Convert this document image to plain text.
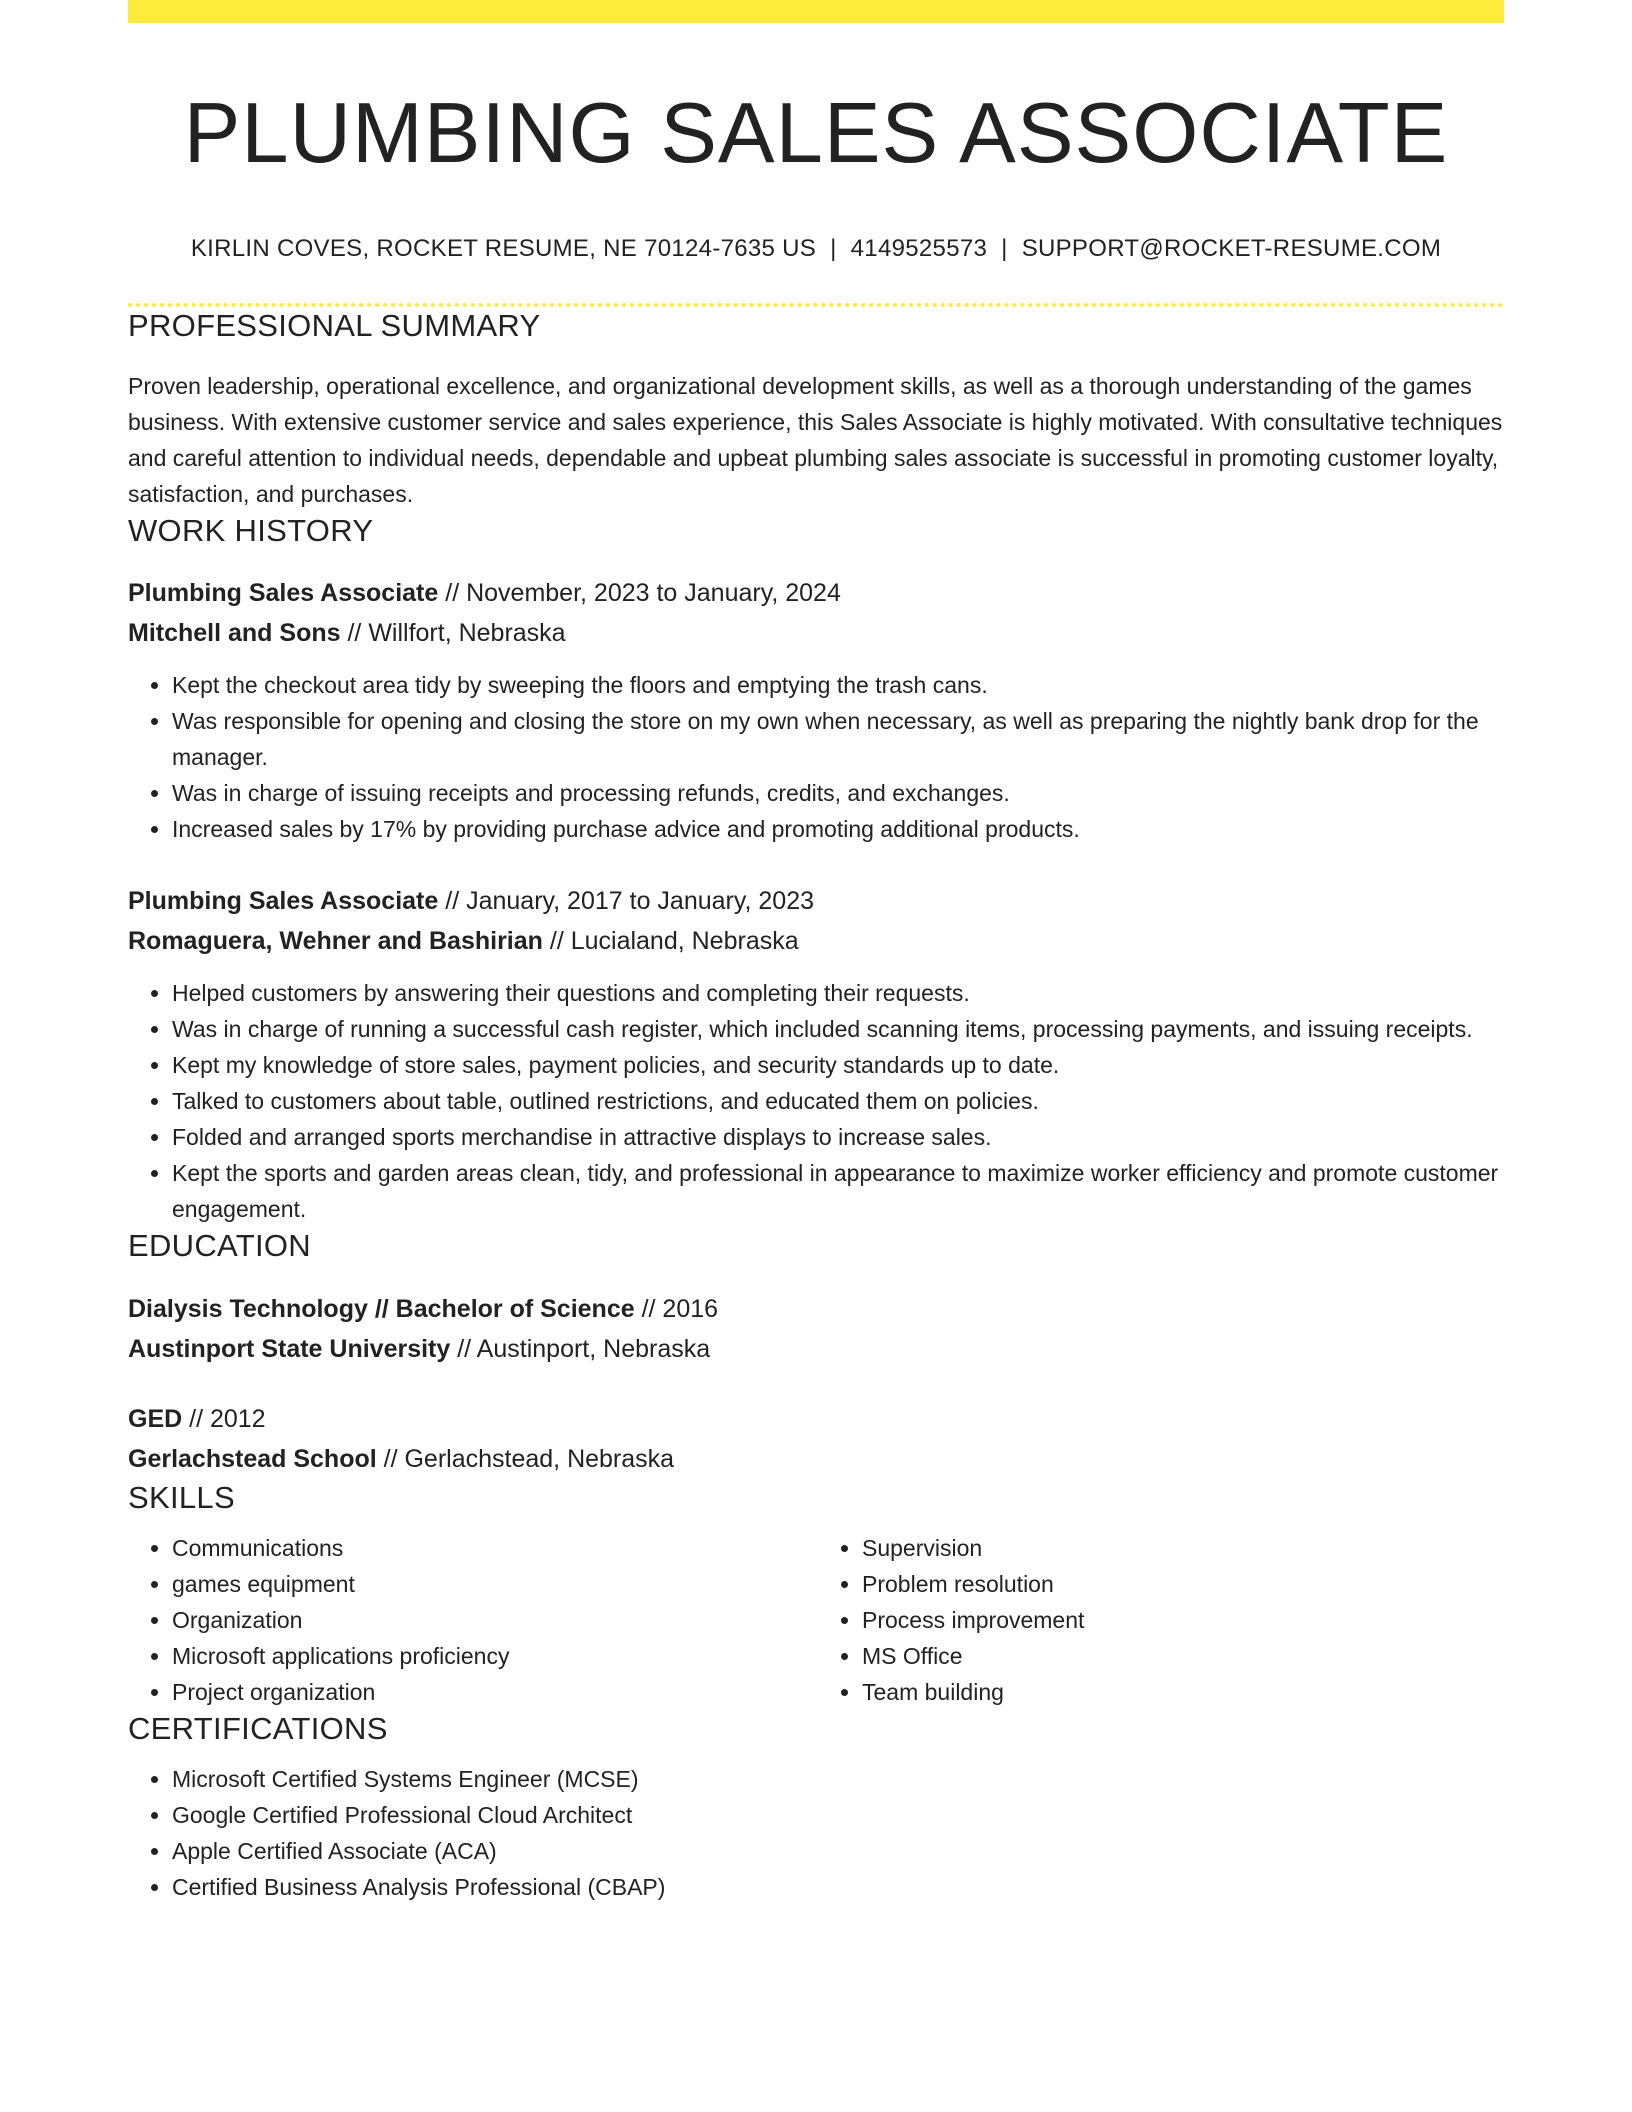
PLUMBING SALES ASSOCIATE
KIRLIN COVES, ROCKET RESUME, NE 70124-7635 US | 4149525573 | SUPPORT@ROCKET-RESUME.COM
PROFESSIONAL SUMMARY
Proven leadership, operational excellence, and organizational development skills, as well as a thorough understanding of the games business. With extensive customer service and sales experience, this Sales Associate is highly motivated. With consultative techniques and careful attention to individual needs, dependable and upbeat plumbing sales associate is successful in promoting customer loyalty, satisfaction, and purchases.
WORK HISTORY
Plumbing Sales Associate // November, 2023 to January, 2024
Mitchell and Sons // Willfort, Nebraska
• Kept the checkout area tidy by sweeping the floors and emptying the trash cans.
• Was responsible for opening and closing the store on my own when necessary, as well as preparing the nightly bank drop for the manager.
• Was in charge of issuing receipts and processing refunds, credits, and exchanges.
• Increased sales by 17% by providing purchase advice and promoting additional products.
Plumbing Sales Associate // January, 2017 to January, 2023
Romaguera, Wehner and Bashirian // Lucialand, Nebraska
• Helped customers by answering their questions and completing their requests.
• Was in charge of running a successful cash register, which included scanning items, processing payments, and issuing receipts.
• Kept my knowledge of store sales, payment policies, and security standards up to date.
• Talked to customers about table, outlined restrictions, and educated them on policies.
• Folded and arranged sports merchandise in attractive displays to increase sales.
• Kept the sports and garden areas clean, tidy, and professional in appearance to maximize worker efficiency and promote customer engagement.
EDUCATION
Dialysis Technology // Bachelor of Science // 2016
Austinport State University // Austinport, Nebraska
GED // 2012
Gerlachstead School // Gerlachstead, Nebraska
SKILLS
• Communications
• games equipment
• Organization
• Microsoft applications proficiency
• Project organization
• Supervision
• Problem resolution
• Process improvement
• MS Office
• Team building
CERTIFICATIONS
• Microsoft Certified Systems Engineer (MCSE)
• Google Certified Professional Cloud Architect
• Apple Certified Associate (ACA)
• Certified Business Analysis Professional (CBAP)
